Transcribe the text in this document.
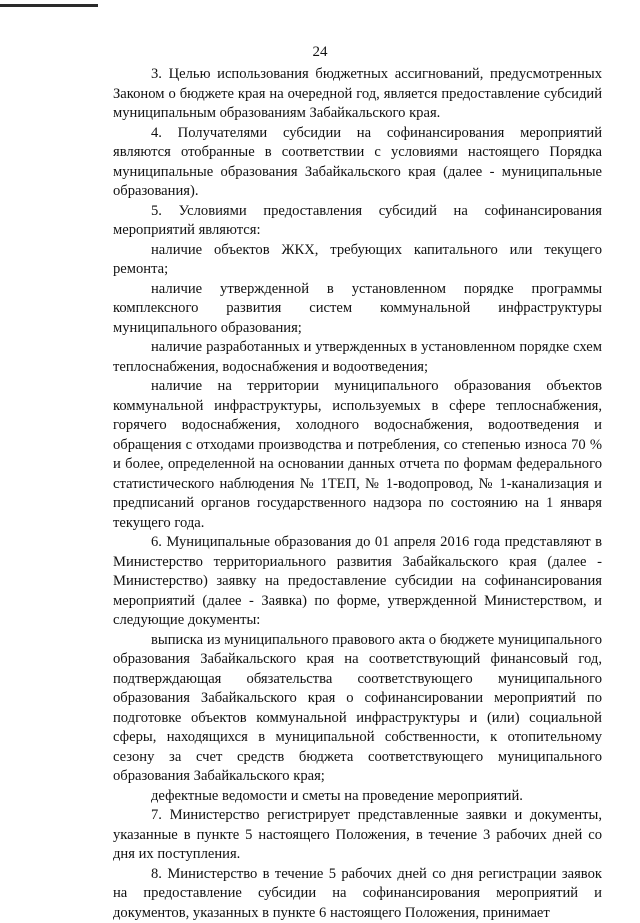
24

3. Целью использования бюджетных ассигнований, предусмотренных Законом о бюджете края на очередной год, является предоставление субсидий муниципальным образованиям Забайкальского края.

4. Получателями субсидии на софинансирования мероприятий являются отобранные в соответствии с условиями настоящего Порядка муниципальные образования Забайкальского края (далее - муниципальные образования).

5. Условиями предоставления субсидий на софинансирования мероприятий являются:

наличие объектов ЖКХ, требующих капитального или текущего ремонта;

наличие утвержденной в установленном порядке программы комплексного развития систем коммунальной инфраструктуры муниципального образования;

наличие разработанных и утвержденных в установленном порядке схем теплоснабжения, водоснабжения и водоотведения;

наличие на территории муниципального образования объектов коммунальной инфраструктуры, используемых в сфере теплоснабжения, горячего водоснабжения, холодного водоснабжения, водоотведения и обращения с отходами производства и потребления, со степенью износа 70 % и более, определенной на основании данных отчета по формам федерального статистического наблюдения № 1ТЕП, № 1-водопровод, № 1-канализация и предписаний органов государственного надзора по состоянию на 1 января текущего года.

6. Муниципальные образования до 01 апреля 2016 года представляют в Министерство территориального развития Забайкальского края (далее - Министерство) заявку на предоставление субсидии на софинансирования мероприятий (далее - Заявка) по форме, утвержденной Министерством, и следующие документы:

выписка из муниципального правового акта о бюджете муниципального образования Забайкальского края на соответствующий финансовый год, подтверждающая обязательства соответствующего муниципального образования Забайкальского края о софинансировании мероприятий по подготовке объектов коммунальной инфраструктуры и (или) социальной сферы, находящихся в муниципальной собственности, к отопительному сезону за счет средств бюджета соответствующего муниципального образования Забайкальского края;

дефектные ведомости и сметы на проведение мероприятий.

7. Министерство регистрирует представленные заявки и документы, указанные в пункте 5 настоящего Положения, в течение 3 рабочих дней со дня их поступления.

8. Министерство в течение 5 рабочих дней со дня регистрации заявок на предоставление субсидии на софинансирования мероприятий и документов, указанных в пункте 6 настоящего Положения, принимает
